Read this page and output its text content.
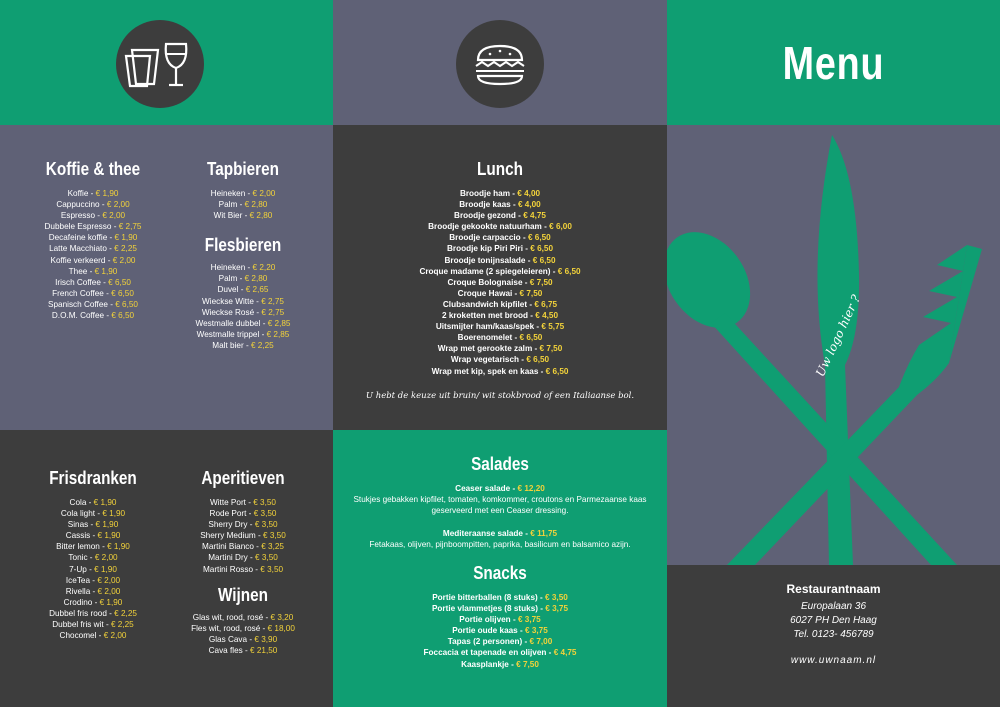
Menu
Koffie & thee
Koffie - € 1,90
Cappuccino - € 2,00
Espresso - € 2,00
Dubbele Espresso - € 2,75
Decafeine koffie - € 1,90
Latte Macchiato - € 2,25
Koffie verkeerd - € 2,00
Thee - € 1,90
Irisch Coffee - € 6,50
French Coffee - € 6,50
Spanisch Coffee - € 6,50
D.O.M. Coffee - € 6,50
Tapbieren
Heineken - € 2,00
Palm - € 2,80
Wit Bier - € 2,80
Flesbieren
Heineken - € 2,20
Palm - € 2,80
Duvel - € 2,65
Wieckse Witte - € 2,75
Wieckse Rosé - € 2,75
Westmalle dubbel - € 2,85
Westmalle trippel - € 2,85
Malt bier - € 2,25
Lunch
Broodje ham - € 4,00
Broodje kaas - € 4,00
Broodje gezond - € 4,75
Broodje gekookte natuurham - € 6,00
Broodje carpaccio - € 6,50
Broodje kip Piri Piri - € 6,50
Broodje tonijnsalade - € 6,50
Croque madame (2 spiegeleieren) - € 6,50
Croque Bolognaise - € 7,50
Croque Hawai - € 7,50
Clubsandwich kipfilet - € 6,75
2 kroketten met brood - € 4,50
Uitsmijter ham/kaas/spek - € 5,75
Boerenomelet - € 6,50
Wrap met gerookte zalm - € 7,50
Wrap vegetarisch - € 6,50
Wrap met kip, spek en kaas - € 6,50
U hebt de keuze uit bruin/ wit stokbrood of een Italiaanse bol.
Uw logo hier ?
Frisdranken
Cola - € 1,90
Cola light - € 1,90
Sinas - € 1,90
Cassis - € 1,90
Bitter lemon - € 1,90
Tonic - € 2,00
7-Up - € 1,90
IceTea - € 2,00
Rivella - € 2,00
Crodino - € 1,90
Dubbel fris rood - € 2,25
Dubbel fris wit - € 2,25
Chocomel - € 2,00
Aperitieven
Witte Port - € 3,50
Rode Port - € 3,50
Sherry Dry - € 3,50
Sherry Medium - € 3,50
Martini Bianco - € 3,25
Martini Dry - € 3,50
Martini Rosso - € 3,50
Wijnen
Glas wit, rood, rosé - € 3,20
Fles wit, rood, rosé - € 18,00
Glas Cava - € 3,90
Cava fles - € 21,50
Salades
Ceaser salade - € 12,20
Stukjes gebakken kipfilet, tomaten, komkommer, croutons en Parmezaanse kaas geserveerd met een Ceaser dressing.
Mediteraanse salade - € 11,75
Fetakaas, olijven, pijnboompitten, paprika, basilicum en balsamico azijn.
Snacks
Portie bitterballen (8 stuks) - € 3,50
Portie vlammetjes (8 stuks) - € 3,75
Portie olijven - € 3,75
Portie oude kaas - € 3,75
Tapas (2 personen) - € 7,00
Foccacia et tapenade en olijven - € 4,75
Kaasplankje - € 7,50
Restaurantnaam
Europalaan 36
6027 PH Den Haag
Tel. 0123- 456789
www.uwnaam.nl
